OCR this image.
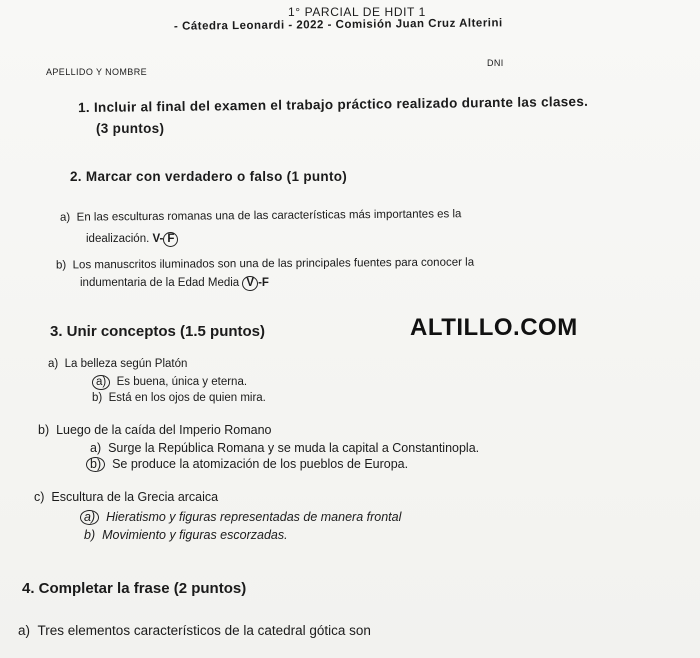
1° PARCIAL DE HDIT 1
- Cátedra Leonardi - 2022 - Comisión Juan Cruz Alterini
APELLIDO Y NOMBRE
DNI
1. Incluir al final del examen el trabajo práctico realizado durante las clases.
(3 puntos)
2. Marcar con verdadero o falso (1 punto)
a) En las esculturas romanas una de las características más importantes es la
idealización. V- F
b) Los manuscritos iluminados son una de las principales fuentes para conocer la
indumentaria de la Edad Media V -F
3. Unir conceptos (1.5 puntos)	ALTILLO.COM
a) La belleza según Platón
a) Es buena, única y eterna.
b) Está en los ojos de quien mira.
b) Luego de la caída del Imperio Romano
a) Surge la República Romana y se muda la capital a Constantinopla.
b) Se produce la atomización de los pueblos de Europa.
c) Escultura de la Grecia arcaica
a) Hieratismo y figuras representadas de manera frontal
b) Movimiento y figuras escorzadas.
4. Completar la frase (2 puntos)
a) Tres elementos característicos de la catedral gótica son
